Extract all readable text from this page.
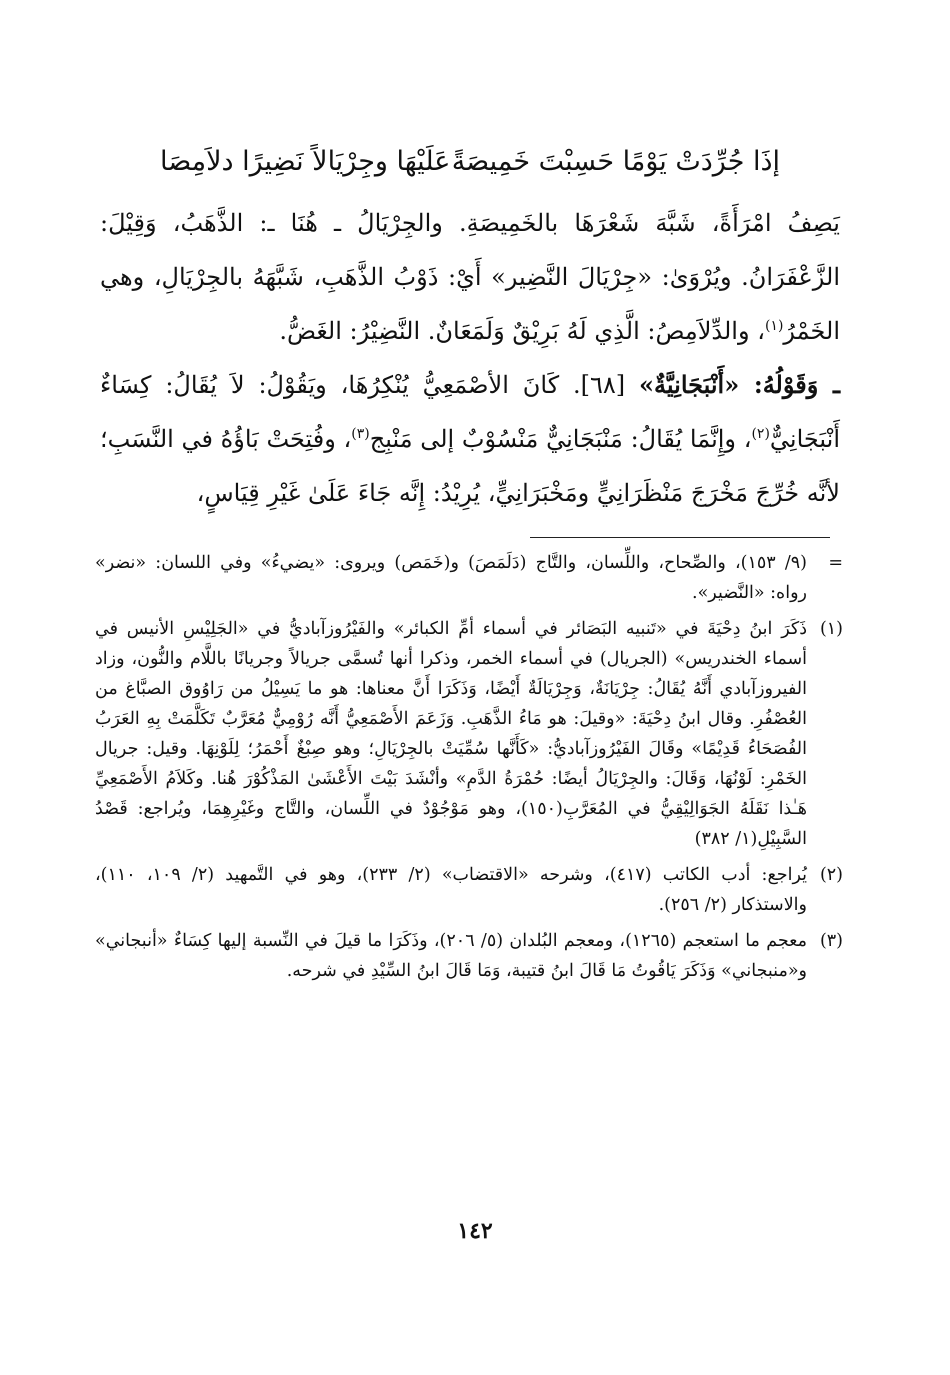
إذَا جُرِّدَتْ يَوْمًا حَسِبْتَ خَمِيصَةً
عَلَيْهَا وجِرْيَالاً نَضِيرًا دلاَمِصَا

يَصِفُ امْرَأَةً، شَبَّهَ شَعْرَهَا بالخَمِيصَةِ. والجِرْيَالُ ـ هُنَا ـ: الذَّهَبُ، وَقِيْلَ: الزَّعْفَرَانُ. ويُرْوَىٰ: «جِرْيَالَ النَّضِير» أَيْ: ذَوْبُ الذَّهَبِ، شَبَّهَهُ بالجِرْيَالِ، وهي الخَمْرُ$^{(١)}$، والدِّلاَمِصُ: الَّذِي لَهُ بَرِيْقٌ وَلَمَعَانٌ. النَّضِيْرُ: الغَضُّ.

ـ وَقَوْلُهُ: «أَنْبَجَانِيَّةٌ» [٦٨]. كَانَ الأصْمَعِيُّ يُنْكِرُهَا، ويَقُوْلُ: لاَ يُقَالُ: كِسَاءٌ أَنْبَجَانِيٌّ$^{(٢)}$، وإِنَّمَا يُقَالُ: مَنْبَجَانِيٌّ مَنْسُوْبٌ إلى مَنْبِج$^{(٣)}$، وفُتِحَتْ بَاؤُهُ في النَّسَبِ؛ لأنَّه خُرِّجَ مَخْرَجَ مَنْظَرَانِيٍّ ومَخْبَرَانِيٍّ، يُرِيْدُ: إِنَّه جَاءَ عَلَىٰ غَيْرِ قِيَاسٍ،

=
(٩/ ١٥٣)، والصِّحاح، واللِّسان، والتَّاج (دَلَمَصَ) و(خَمَص) ويروى: «يضيءُ» وفي اللسان: «نضر» رواه: «النَّضير».
(١)
ذَكَرَ ابنُ دِحْيَةَ في «تَنبيه البَصَائر في أسماء أمِّ الكبائر» والفَيْرُوزآباديُّ في «الجَلِيْسِ الأنيس في أسماء الخندريس» (الجريال) في أسماء الخمر، وذكرا أنها تُسمَّى جريالاً وجريانًا باللَّام والنُّون، وزاد الفيروزآبادي أَنَّهُ يُقَالُ: جِرْيَانَةٌ، وَجِرْيَالَةٌ أَيْضًا، وَذَكَرَا أَنَّ معناها: هو ما يَسِيْلُ من رَاوُوق الصبَّاغ من العُصْفُرِ. وقال ابنُ دِحْيَةَ: «وقيلَ: هو مَاءُ الذَّهَبِ. وَزَعَمَ الأَصْمَعِيُّ أَنَّه رُوْمِيٌّ مُعَرَّبٌ تَكَلَّمَتْ بِهِ العَرَبُ الفُصَحَاءُ قَدِيْمًا» وقَالَ الفَيْرُوزآباديُّ: «كَأَنَّها سُمِّيَتْ بالجِرْيَالِ؛ وهو صِبْغٌ أَحْمَرُ؛ لِلَوْنِهَا. وقيل: جريال الخَمْرِ: لَوْنُهَا، وَقَالَ: والجِرْيَالُ أيضًا: حُمْرَةُ الدَّمِ» وأنْشَدَ بَيْتَ الأَعْشَىٰ المَذْكُوْرَ هُنا. وكَلاَمُ الأَصْمَعِيِّ هَـٰذا نَقَلَهُ الجَوَالِيْقِيُّ في المُعَرَّبِ(١٥٠)، وهو مَوْجُوْدٌ في اللِّسان، والتَّاج وغَيْرِهِمَا، ويُراجع: قَصْدُ السَّبِيْلِ(١/ ٣٨٢)
(٢)
يُراجع: أدب الكاتب (٤١٧)، وشرحه «الاقتضاب» (٢/ ٢٣٣)، وهو في التَّمهيد (٢/ ١٠٩، ١١٠)، والاستذكار (٢/ ٢٥٦).
(٣)
معجم ما استعجم (١٢٦٥)، ومعجم البُلدان (٥/ ٢٠٦)، وذَكَرَا ما قيلَ في النِّسبة إليها كِسَاءٌ «أنبجاني» و«منبجاني» وَذَكَرَ يَاقُوتُ مَا قَالَ ابنُ قتيبة، وَمَا قَالَ ابنُ السِّيْدِ في شرحه.
١٤٢
